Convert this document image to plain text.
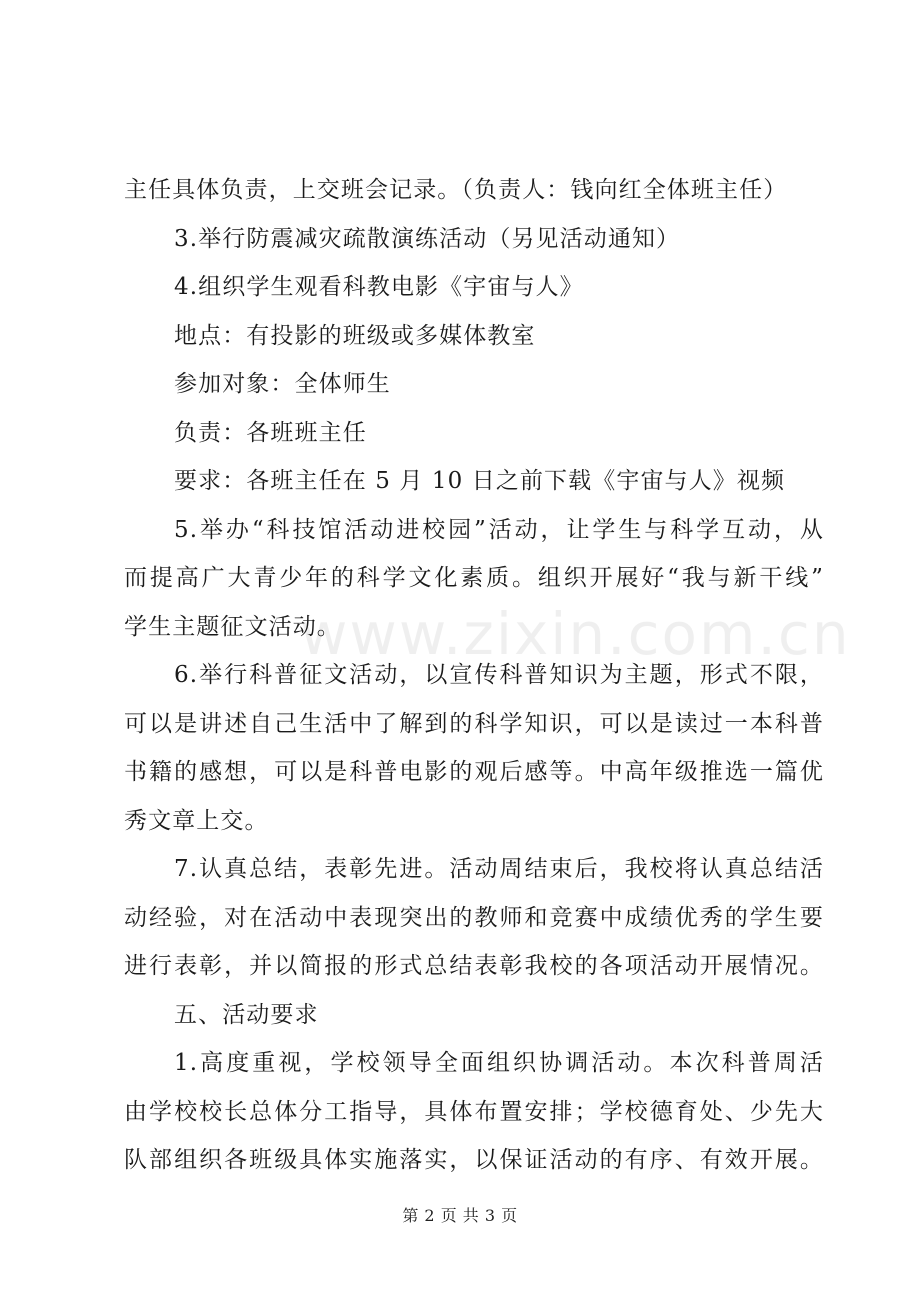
www.zixin.com.cn
主任具体负责，上交班会记录。（负责人：钱向红全体班主任）
3.举行防震减灾疏散演练活动（另见活动通知）
4.组织学生观看科教电影《宇宙与人》
地点：有投影的班级或多媒体教室
参加对象：全体师生
负责：各班班主任
要求：各班主任在 5 月 10 日之前下载《宇宙与人》视频
5.举办“科技馆活动进校园”活动，让学生与科学互动，从
而提高广大青少年的科学文化素质。组织开展好“我与新干线”
学生主题征文活动。
6.举行科普征文活动，以宣传科普知识为主题，形式不限，
可以是讲述自己生活中了解到的科学知识，可以是读过一本科普
书籍的感想，可以是科普电影的观后感等。中高年级推选一篇优
秀文章上交。
7.认真总结，表彰先进。活动周结束后，我校将认真总结活
动经验，对在活动中表现突出的教师和竞赛中成绩优秀的学生要
进行表彰，并以简报的形式总结表彰我校的各项活动开展情况。
五、活动要求
1.高度重视，学校领导全面组织协调活动。本次科普周活
由学校校长总体分工指导，具体布置安排；学校德育处、少先大
队部组织各班级具体实施落实，以保证活动的有序、有效开展。
第 2 页 共 3 页
